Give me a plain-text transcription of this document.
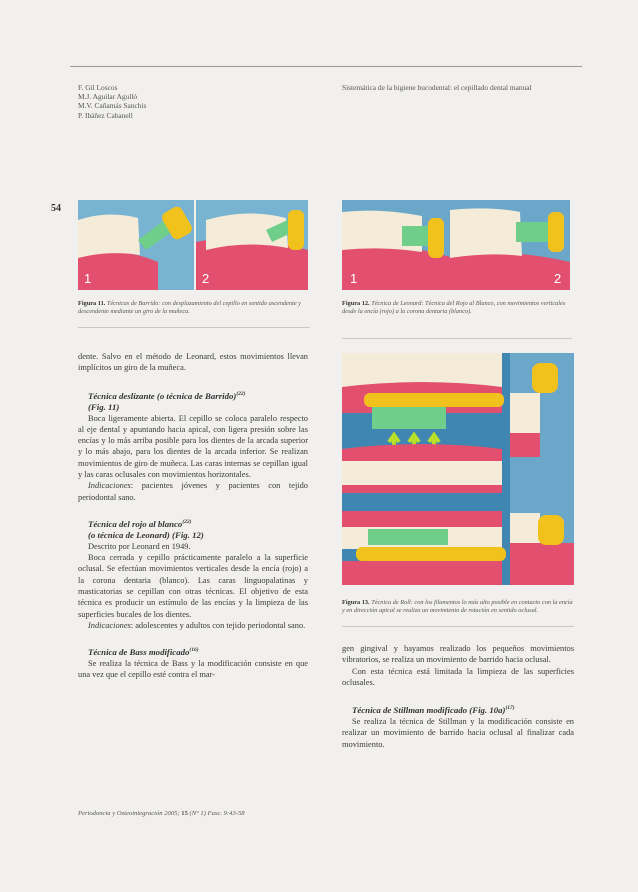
F. Gil Loscos
M.J. Aguilar Agulló
M.V. Cañamás Sanchis
P. Ibáñez Cabanell
Sistemática de la higiene bucodental: el cepillado dental manual
54
1	2
Figura 11. Técnicas de Barrido: con desplazamiento del cepillo en sentido ascendente y descendente mediante un giro de la muñeca.
1	2
Figura 12. Técnica de Leonard: Técnica del Rojo al Blanco, con movimientos verticales desde la encía (rojo) a la corona dentaria (blanco).
Figura 13. Técnica de Roll: con los filamentos lo más alto posible en contacto con la encía y en dirección apical se realiza un movimiento de rotación en sentido oclusal.

dente. Salvo en el método de Leonard, estos movimientos llevan implícitos un giro de la muñeca.

Técnica deslizante (o técnica de Barrido)$^{(22)}$

(Fig. 11)

Boca ligeramente abierta. El cepillo se coloca paralelo respecto al eje dental y apuntando hacia apical, con ligera presión sobre las encías y lo más arriba posible para los dientes de la arcada superior y lo más abajo, para los dientes de la arcada inferior. Se realizan movimientos de giro de muñeca. Las caras internas se cepillan igual y las caras oclusales con movimientos horizontales.

Indicaciones: pacientes jóvenes y pacientes con tejido periodontal sano.

Técnica del rojo al blanco$^{(22)}$

(o técnica de Leonard) (Fig. 12)

Descrito por Leonard en 1949.

Boca cerrada y cepillo prácticamente paralelo a la superficie oclusal. Se efectúan movimientos verticales desde la encía (rojo) a la corona dentaria (blanco). Las caras linguopalatinas y masticatorias se cepillan con otras técnicas. El objetivo de esta técnica es producir un estímulo de las encías y la limpieza de las superficies bucales de los dientes.

Indicaciones: adolescentes y adultos con tejido periodontal sano.

Técnica de Bass modificado$^{(16)}$

Se realiza la técnica de Bass y la modificación consiste en que una vez que el cepillo esté contra el mar-

gen gingival y hayamos realizado los pequeños movimientos vibratorios, se realiza un movimiento de barrido hacia oclusal.

Con esta técnica está limitada la limpieza de las superficies oclusales.

Técnica de Stillman modificado (Fig. 10a)$^{(17)}$

Se realiza la técnica de Stillman y la modificación consiste en realizar un movimiento de barrido hacia oclusal al finalizar cada movimiento.

Periodoncia y Osteointegración 2005; 15 (N° 1) Fasc. 9:43-58
